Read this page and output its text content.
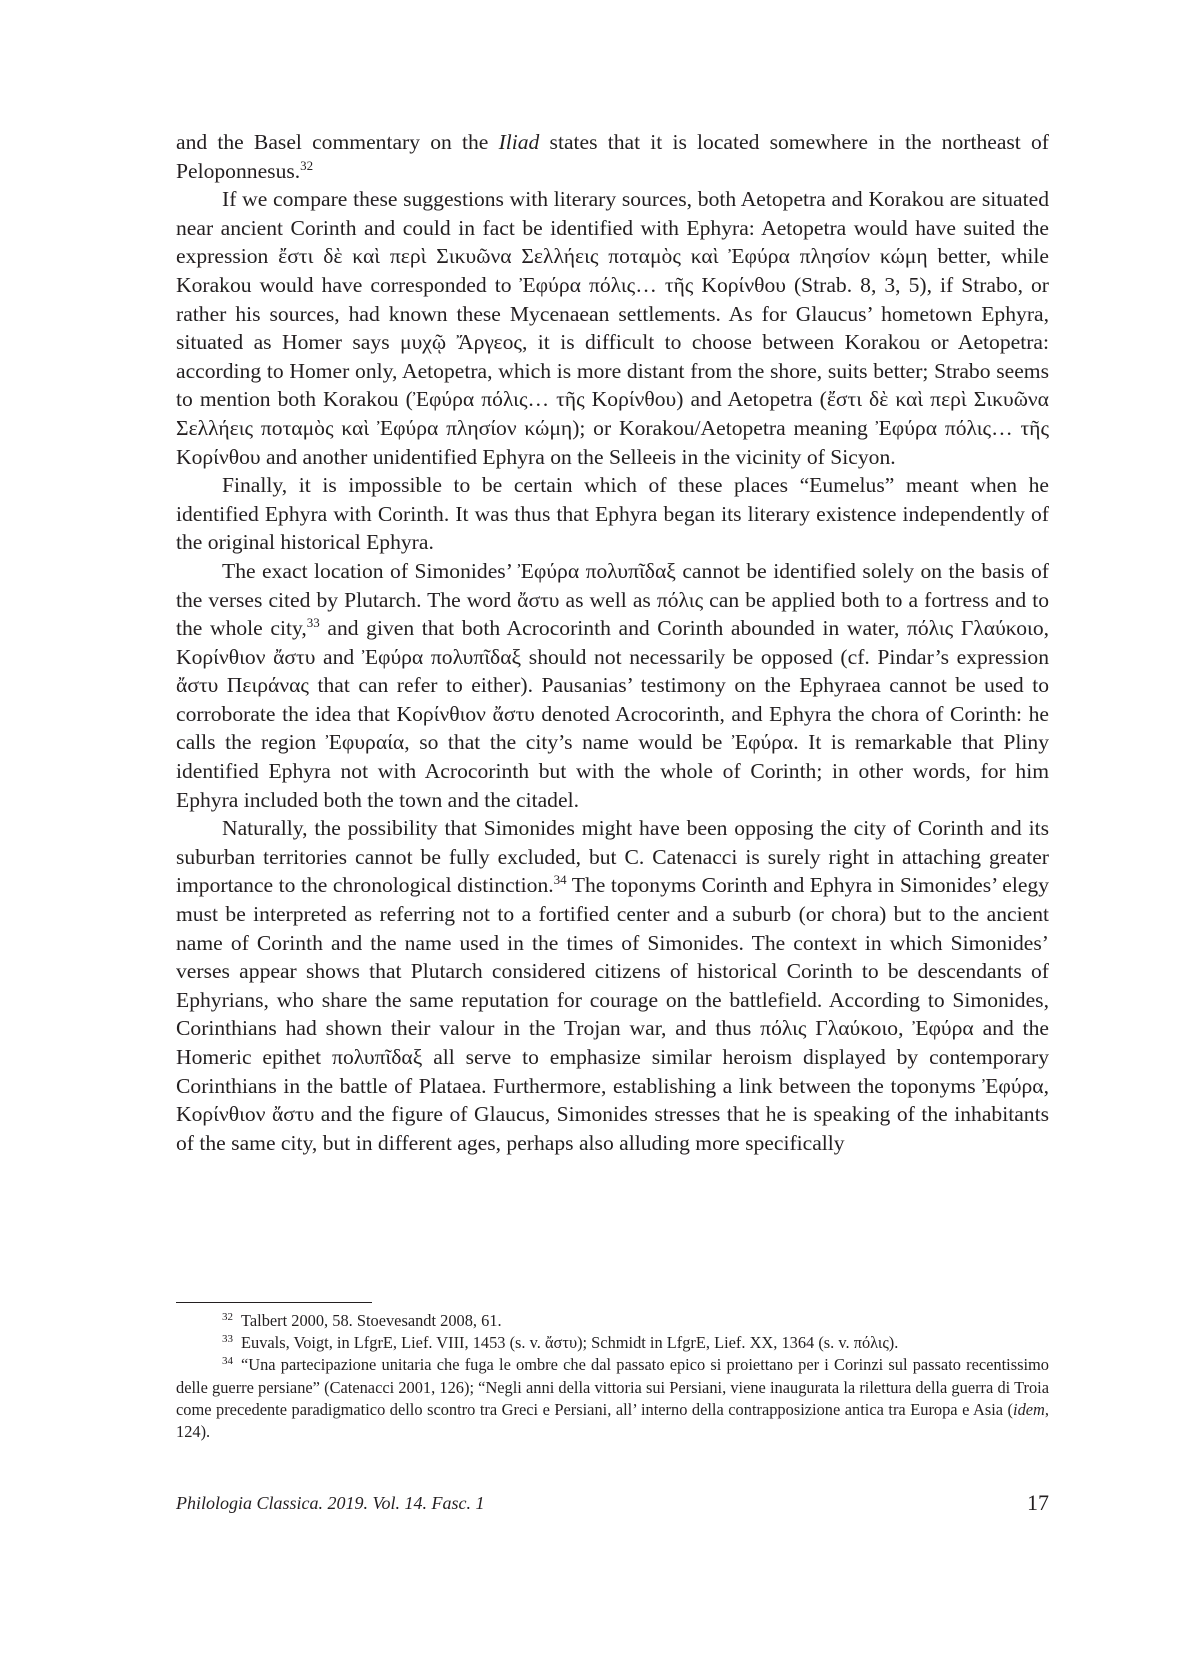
and the Basel commentary on the Iliad states that it is located somewhere in the northeast of Peloponnesus.$^{32}$

If we compare these suggestions with literary sources, both Aetopetra and Korakou are situated near ancient Corinth and could in fact be identified with Ephyra: Aetopetra would have suited the expression ἔστι δὲ καὶ περὶ Σικυῶνα Σελλήεις ποταμὸς καὶ Ἐφύρα πλησίον κώμη better, while Korakou would have corresponded to Ἐφύρα πόλις… τῆς Κορίνθου (Strab. 8, 3, 5), if Strabo, or rather his sources, had known these Mycenaean settlements. As for Glaucus’ hometown Ephyra, situated as Homer says μυχῷ Ἄργεος, it is difficult to choose between Korakou or Aetopetra: according to Homer only, Aetopetra, which is more distant from the shore, suits better; Strabo seems to mention both Korakou (Ἐφύρα πόλις… τῆς Κορίνθου) and Aetopetra (ἔστι δὲ καὶ περὶ Σικυῶνα Σελλήεις ποταμὸς καὶ Ἐφύρα πλησίον κώμη); or Korakou/Aetopetra meaning Ἐφύρα πόλις… τῆς Κορίνθου and another unidentified Ephyra on the Selleeis in the vicinity of Sicyon.

Finally, it is impossible to be certain which of these places “Eumelus” meant when he identified Ephyra with Corinth. It was thus that Ephyra began its literary existence independently of the original historical Ephyra.

The exact location of Simonides’ Ἐφύρα πολυπῖδαξ cannot be identified solely on the basis of the verses cited by Plutarch. The word ἄστυ as well as πόλις can be applied both to a fortress and to the whole city,$^{33}$ and given that both Acrocorinth and Corinth abounded in water, πόλις Γλαύκοιο, Κορίνθιον ἄστυ and Ἐφύρα πολυπῖδαξ should not necessarily be opposed (cf. Pindar’s expression ἄστυ Πειράνας that can refer to either). Pausanias’ testimony on the Ephyraea cannot be used to corroborate the idea that Κορίνθιον ἄστυ denoted Acrocorinth, and Ephyra the chora of Corinth: he calls the region Ἐφυραία, so that the city’s name would be Ἐφύρα. It is remarkable that Pliny identified Ephyra not with Acrocorinth but with the whole of Corinth; in other words, for him Ephyra included both the town and the citadel.

Naturally, the possibility that Simonides might have been opposing the city of Corinth and its suburban territories cannot be fully excluded, but C. Catenacci is surely right in attaching greater importance to the chronological distinction.$^{34}$ The toponyms Corinth and Ephyra in Simonides’ elegy must be interpreted as referring not to a fortified center and a suburb (or chora) but to the ancient name of Corinth and the name used in the times of Simonides. The context in which Simonides’ verses appear shows that Plutarch considered citizens of historical Corinth to be descendants of Ephyrians, who share the same reputation for courage on the battlefield. According to Simonides, Corinthians had shown their valour in the Trojan war, and thus πόλις Γλαύκοιο, Ἐφύρα and the Homeric epithet πολυπῖδαξ all serve to emphasize similar heroism displayed by contemporary Corinthians in the battle of Plataea. Furthermore, establishing a link between the toponyms Ἐφύρα, Κορίνθιον ἄστυ and the figure of Glaucus, Simonides stresses that he is speaking of the inhabitants of the same city, but in different ages, perhaps also alluding more specifically

$^{32}$ Talbert 2000, 58. Stoevesandt 2008, 61.

$^{33}$ Euvals, Voigt, in LfgrE, Lief. VIII, 1453 (s. v. ἄστυ); Schmidt in LfgrE, Lief. XX, 1364 (s. v. πόλις).

$^{34}$ “Una partecipazione unitaria che fuga le ombre che dal passato epico si proiettano per i Corinzi sul passato recentissimo delle guerre persiane” (Catenacci 2001, 126); “Negli anni della vittoria sui Persiani, viene inaugurata la rilettura della guerra di Troia come precedente paradigmatico dello scontro tra Greci e Persiani, all’ interno della contrapposizione antica tra Europa e Asia (idem, 124).

Philologia Classica. 2019. Vol. 14. Fasc. 1	17
